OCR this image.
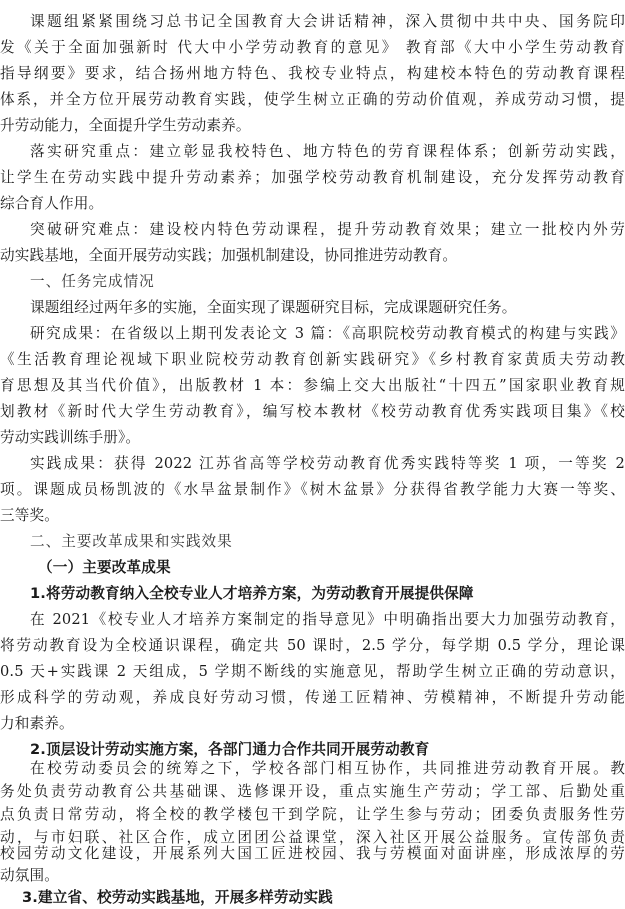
课题组紧紧围绕习总书记全国教育大会讲话精神，深入贯彻中共中央、国务院印
发《关于全面加强新时 代大中小学劳动教育的意见》 教育部《大中小学生劳动教育
指导纲要》要求，结合扬州地方特色、我校专业特点，构建校本特色的劳动教育课程
体系，并全方位开展劳动教育实践，使学生树立正确的劳动价值观，养成劳动习惯，提
升劳动能力，全面提升学生劳动素养。
落实研究重点：建立彰显我校特色、地方特色的劳育课程体系；创新劳动实践，
让学生在劳动实践中提升劳动素养；加强学校劳动教育机制建设，充分发挥劳动教育
综合育人作用。
突破研究难点：建设校内特色劳动课程，提升劳动教育效果；建立一批校内外劳
动实践基地，全面开展劳动实践；加强机制建设，协同推进劳动教育。
一、任务完成情况
课题组经过两年多的实施，全面实现了课题研究目标，完成课题研究任务。
研究成果：在省级以上期刊发表论文 3 篇：《高职院校劳动教育模式的构建与实践》
《生活教育理论视域下职业院校劳动教育创新实践研究》《乡村教育家黄质夫劳动教
育思想及其当代价值》，出版教材 1 本：参编上交大出版社“十四五”国家职业教育规
划教材《新时代大学生劳动教育》，编写校本教材《校劳动教育优秀实践项目集》《校
劳动实践训练手册》。
实践成果：获得 2022 江苏省高等学校劳动教育优秀实践特等奖 1 项，一等奖 2
项。课题成员杨凯波的《水旱盆景制作》《树木盆景》分获得省教学能力大赛一等奖、
三等奖。
二、主要改革成果和实践效果
（一）主要改革成果
1.将劳动教育纳入全校专业人才培养方案，为劳动教育开展提供保障
在 2021《校专业人才培养方案制定的指导意见》中明确指出要大力加强劳动教育，
将劳动教育设为全校通识课程，确定共 50 课时，2.5 学分，每学期 0.5 学分，理论课
0.5 天+实践课 2 天组成，5 学期不断线的实施意见，帮助学生树立正确的劳动意识，
形成科学的劳动观，养成良好劳动习惯，传递工匠精神、劳模精神，不断提升劳动能
力和素养。
2.顶层设计劳动实施方案，各部门通力合作共同开展劳动教育
在校劳动委员会的统筹之下，学校各部门相互协作，共同推进劳动教育开展。教
务处负责劳动教育公共基础课、选修课开设，重点实施生产劳动；学工部、后勤处重
点负责日常劳动，将全校的教学楼包干到学院，让学生参与劳动；团委负责服务性劳
动，与市妇联、社区合作，成立团团公益课堂，深入社区开展公益服务。宣传部负责
校园劳动文化建设，开展系列大国工匠进校园、我与劳模面对面讲座，形成浓厚的劳
动氛围。
3.建立省、校劳动实践基地，开展多样劳动实践
